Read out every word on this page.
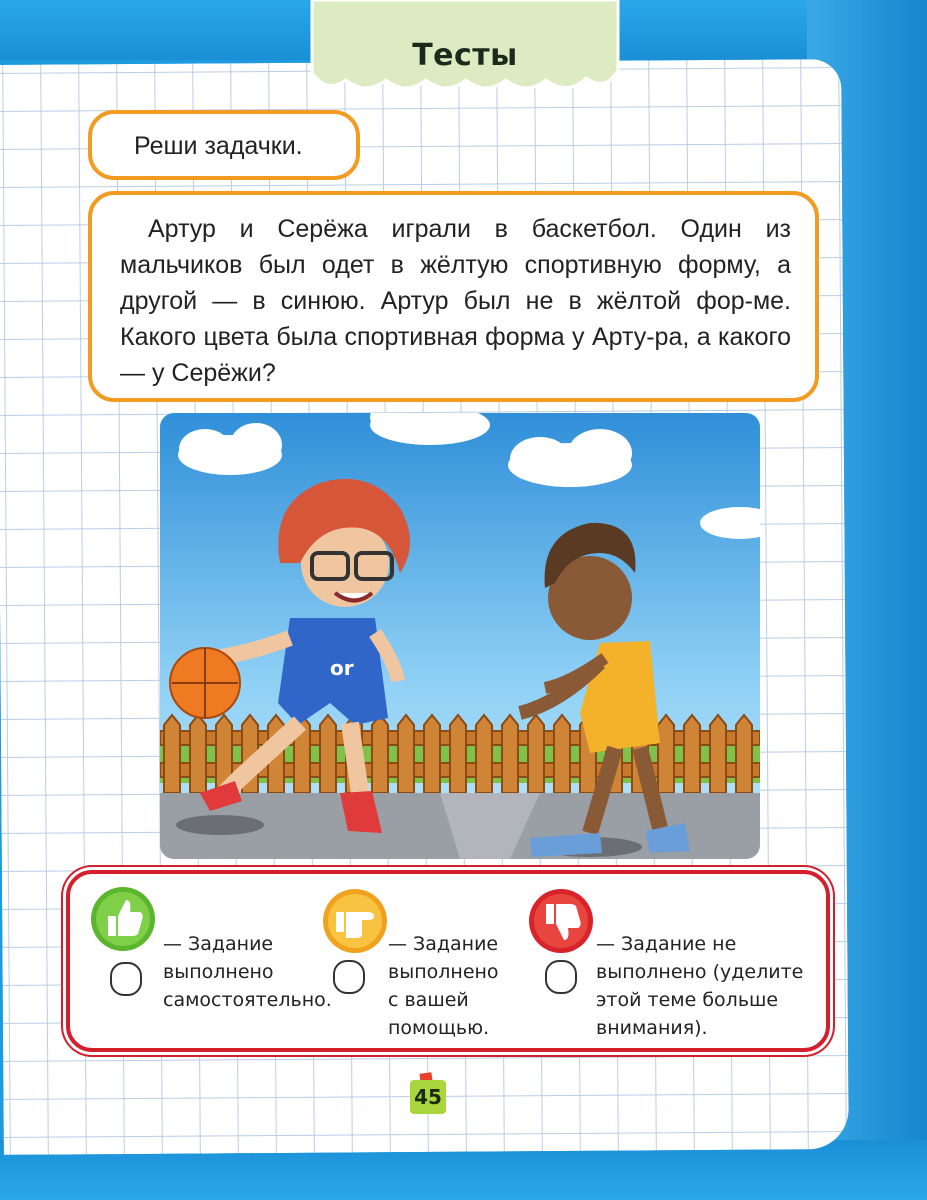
Тесты
Реши задачки.
Артур и Серёжа играли в баскетбол. Один из мальчиков был одет в жёлтую спортивную форму, а другой — в синюю. Артур был не в жёлтой фор-ме. Какого цвета была спортивная форма у Арту-ра, а какого — у Серёжи?
or
— Задание
выполнено
самостоятельно.
— Задание
выполнено
с вашей
помощью.
— Задание не
выполнено (уделите
этой теме больше
внимания).
45
